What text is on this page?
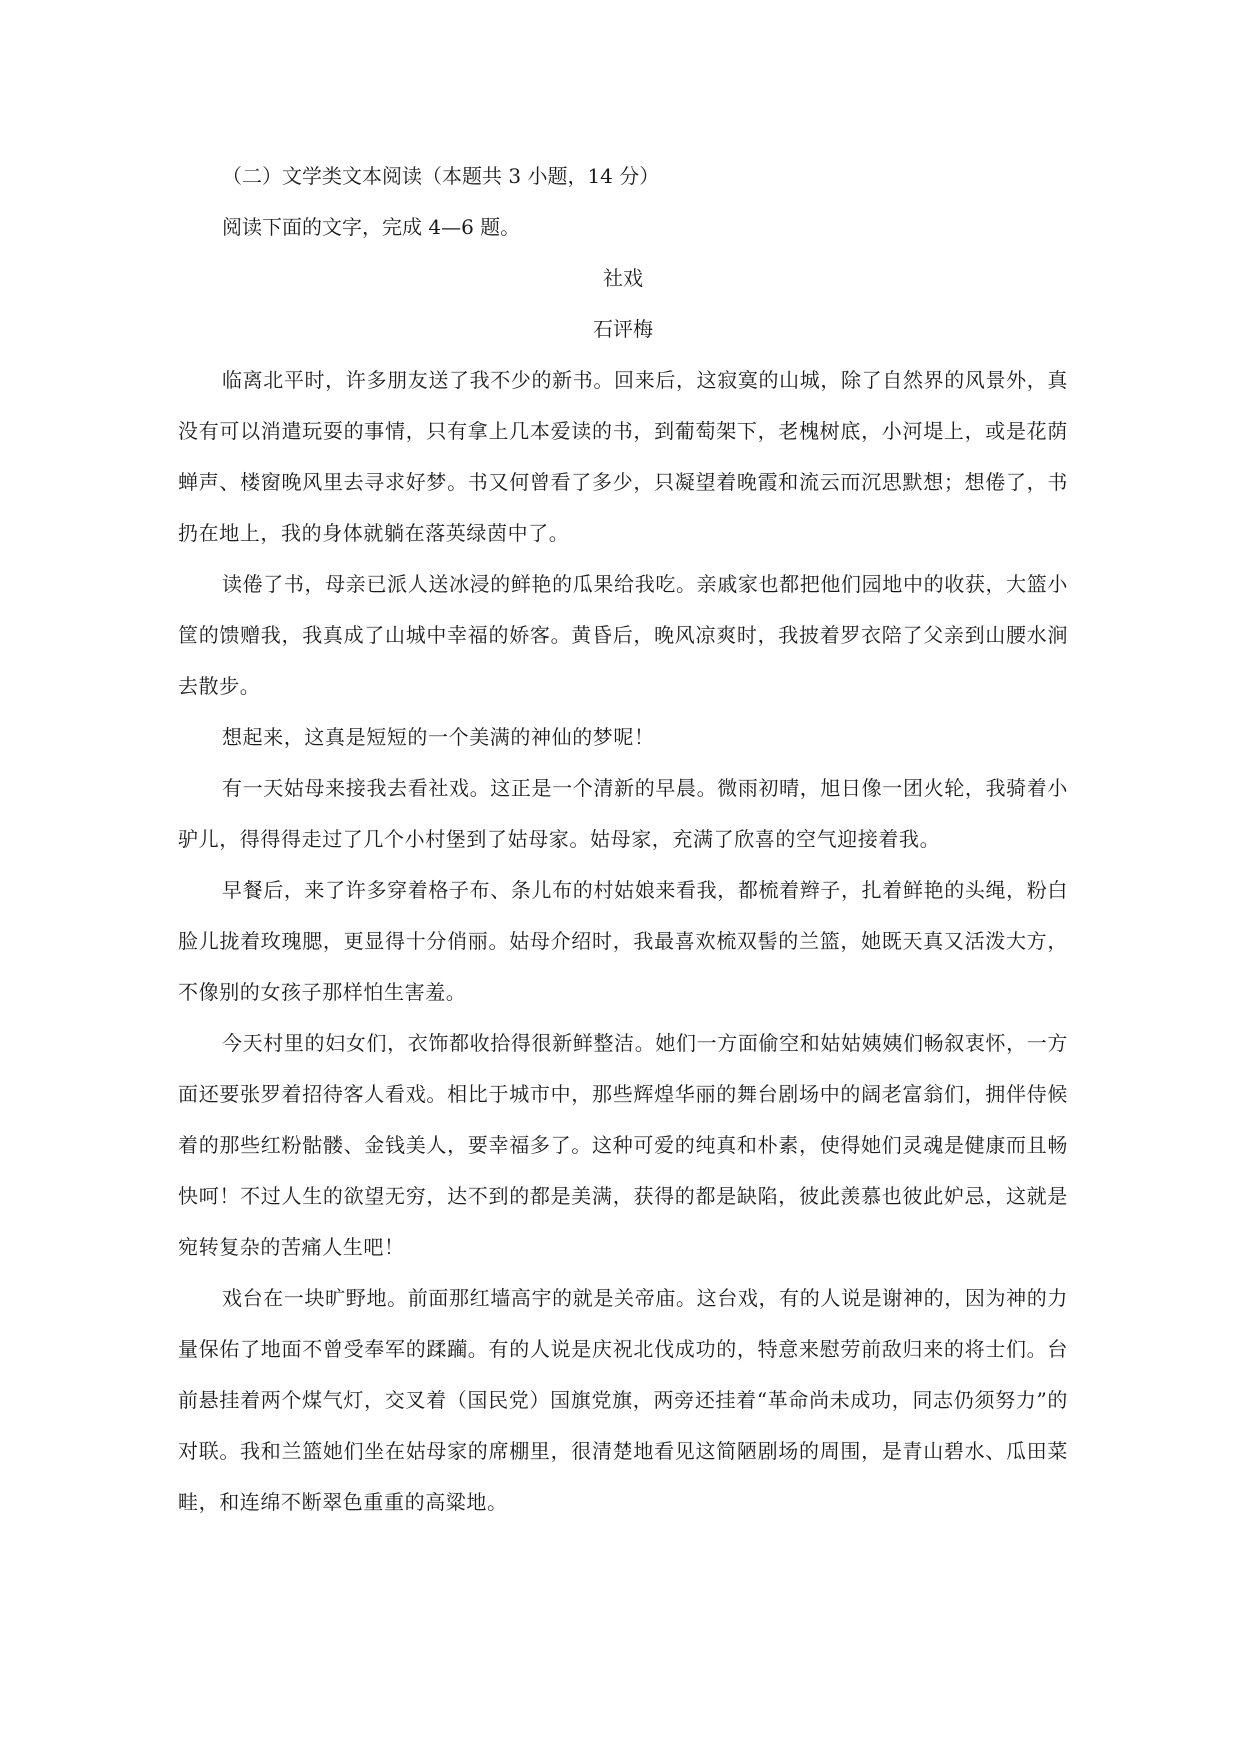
（二）文学类文本阅读（本题共 3 小题，14 分）
阅读下面的文字，完成 4—6 题。
社戏
石评梅

临离北平时，许多朋友送了我不少的新书。回来后，这寂寞的山城，除了自然界的风景外，真没有可以消遣玩耍的事情，只有拿上几本爱读的书，到葡萄架下，老槐树底，小河堤上，或是花荫蝉声、楼窗晚风里去寻求好梦。书又何曾看了多少，只凝望着晚霞和流云而沉思默想；想倦了，书扔在地上，我的身体就躺在落英绿茵中了。

读倦了书，母亲已派人送冰浸的鲜艳的瓜果给我吃。亲戚家也都把他们园地中的收获，大篮小筐的馈赠我，我真成了山城中幸福的娇客。黄昏后，晚风凉爽时，我披着罗衣陪了父亲到山腰水涧去散步。

想起来，这真是短短的一个美满的神仙的梦呢！

有一天姑母来接我去看社戏。这正是一个清新的早晨。微雨初晴，旭日像一团火轮，我骑着小驴儿，得得得走过了几个小村堡到了姑母家。姑母家，充满了欣喜的空气迎接着我。

早餐后，来了许多穿着格子布、条儿布的村姑娘来看我，都梳着辫子，扎着鲜艳的头绳，粉白脸儿拢着玫瑰腮，更显得十分俏丽。姑母介绍时，我最喜欢梳双髻的兰篮，她既天真又活泼大方，不像别的女孩子那样怕生害羞。

今天村里的妇女们，衣饰都收拾得很新鲜整洁。她们一方面偷空和姑姑姨姨们畅叙衷怀，一方面还要张罗着招待客人看戏。相比于城市中，那些辉煌华丽的舞台剧场中的阔老富翁们，拥伴侍候着的那些红粉骷髅、金钱美人，要幸福多了。这种可爱的纯真和朴素，使得她们灵魂是健康而且畅快呵！不过人生的欲望无穷，达不到的都是美满，获得的都是缺陷，彼此羡慕也彼此妒忌，这就是宛转复杂的苦痛人生吧！

戏台在一块旷野地。前面那红墙高宇的就是关帝庙。这台戏，有的人说是谢神的，因为神的力量保佑了地面不曾受奉军的蹂躏。有的人说是庆祝北伐成功的，特意来慰劳前敌归来的将士们。台前悬挂着两个煤气灯，交叉着（国民党）国旗党旗，两旁还挂着“革命尚未成功，同志仍须努力”的对联。我和兰篮她们坐在姑母家的席棚里，很清楚地看见这简陋剧场的周围，是青山碧水、瓜田菜畦，和连绵不断翠色重重的高粱地。
